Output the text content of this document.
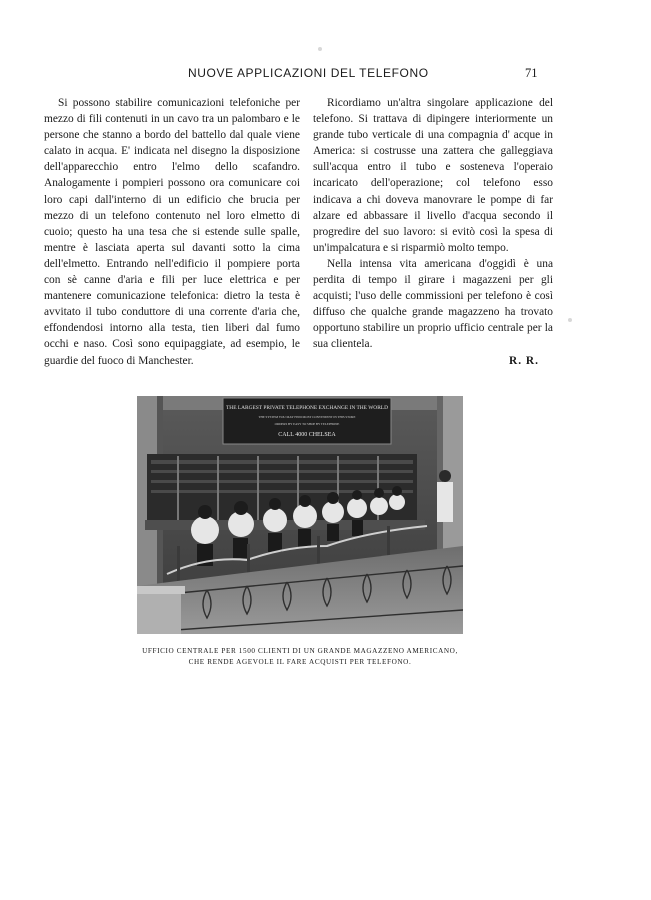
NUOVE APPLICAZIONI DEL TELEFONO	71

Si possono stabilire comunicazioni telefoniche per mezzo di fili contenuti in un cavo tra un palombaro e le persone che stanno a bordo del battello dal quale viene calato in acqua. E' indicata nel disegno la disposizione dell'apparecchio entro l'elmo dello scafandro. Analogamente i pompieri possono ora comunicare coi loro capi dall'interno di un edificio che brucia per mezzo di un telefono contenuto nel loro elmetto di cuoio; questo ha una tesa che si estende sulle spalle, mentre è lasciata aperta sul davanti sotto la cima dell'elmetto. Entrando nell'edificio il pompiere porta con sè canne d'aria e fili per luce elettrica e per mantenere comunicazione telefonica: dietro la testa è avvitato il tubo conduttore di una corrente d'aria che, effondendosi intorno alla testa, tien liberi dal fumo occhi e naso. Così sono equipaggiate, ad esempio, le guardie del fuoco di Manchester.

Ricordiamo un'altra singolare applicazione del telefono. Si trattava di dipingere interiormente un grande tubo verticale di una compagnia d' acque in America: si costrusse una zattera che galleggiava sull'acqua entro il tubo e sosteneva l'operaio incaricato dell'operazione; col telefono esso indicava a chi doveva manovrare le pompe di far alzare ed abbassare il livello d'acqua secondo il progredire del suo lavoro: si evitò così la spesa di un'impalcatura e si risparmiò molto tempo.

Nella intensa vita americana d'oggidì è una perdita di tempo il girare i magazzeni per gli acquisti; l'uso delle commissioni per telefono è così diffuso che qualche grande magazzeno ha trovato opportuno stabilire un proprio ufficio centrale per la sua clientela.

R. R.

THE LARGEST PRIVATE TELEPHONE EXCHANGE IN THE WORLD
THE SYSTEM YOU MAY FIND MOST CONVENIENT IN THIS STORE
ORDERS BY EASY TO SHOP BY TELEPHONE
CALL 4000 CHELSEA
UFFICIO CENTRALE PER 1500 CLIENTI DI UN GRANDE MAGAZZENO AMERICANO,
CHE RENDE AGEVOLE IL FARE ACQUISTI PER TELEFONO.
